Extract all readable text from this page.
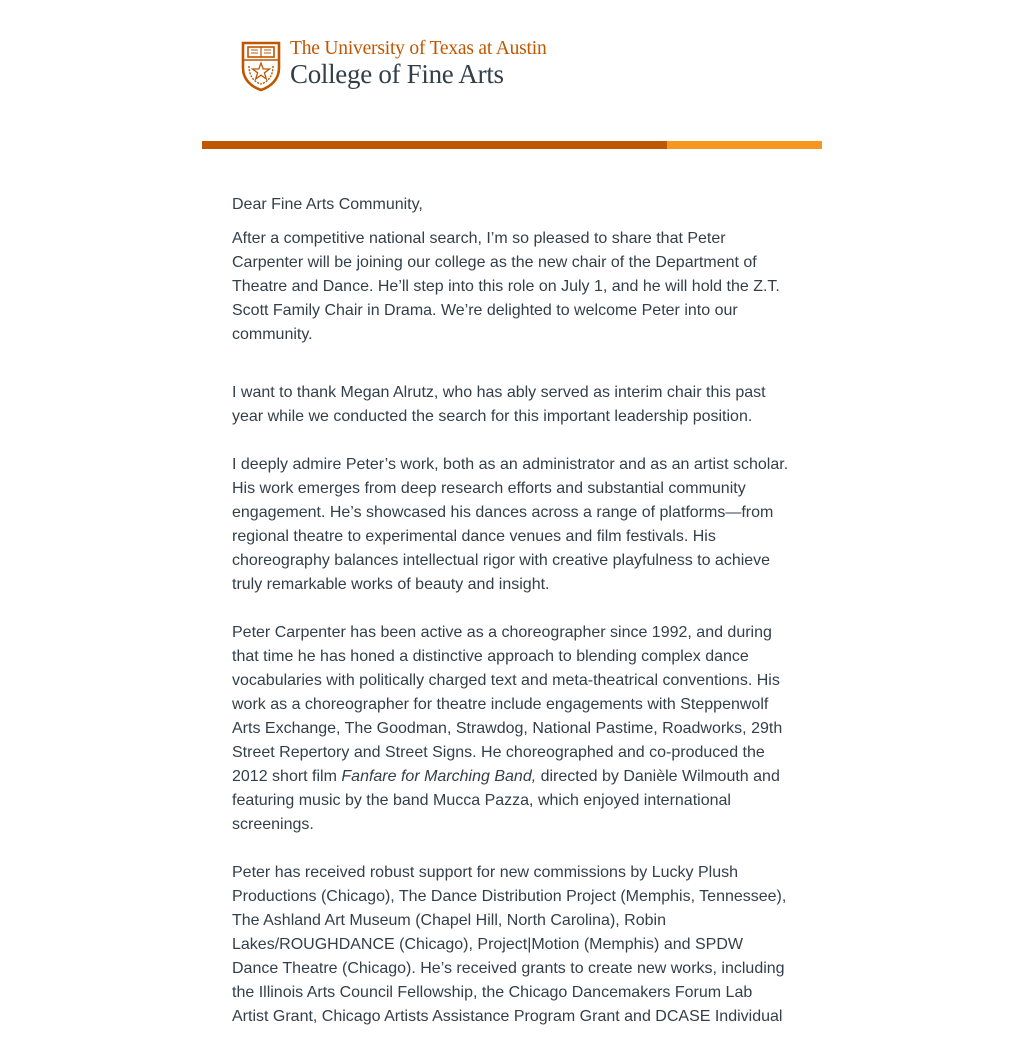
The University of Texas at Austin
College of Fine Arts

Dear Fine Arts Community,

After a competitive national search, I’m so pleased to share that Peter Carpenter will be joining our college as the new chair of the Department of Theatre and Dance. He’ll step into this role on July 1, and he will hold the Z.T. Scott Family Chair in Drama. We’re delighted to welcome Peter into our community.

I want to thank Megan Alrutz, who has ably served as interim chair this past year while we conducted the search for this important leadership position.

I deeply admire Peter’s work, both as an administrator and as an artist scholar. His work emerges from deep research efforts and substantial community engagement. He’s showcased his dances across a range of platforms—from regional theatre to experimental dance venues and film festivals. His choreography balances intellectual rigor with creative playfulness to achieve truly remarkable works of beauty and insight.

Peter Carpenter has been active as a choreographer since 1992, and during that time he has honed a distinctive approach to blending complex dance vocabularies with politically charged text and meta-theatrical conventions. His work as a choreographer for theatre include engagements with Steppenwolf Arts Exchange, The Goodman, Strawdog, National Pastime, Roadworks, 29th Street Repertory and Street Signs. He choreographed and co-produced the 2012 short film Fanfare for Marching Band, directed by Danièle Wilmouth and featuring music by the band Mucca Pazza, which enjoyed international screenings.

Peter has received robust support for new commissions by Lucky Plush Productions (Chicago), The Dance Distribution Project (Memphis, Tennessee), The Ashland Art Museum (Chapel Hill, North Carolina), Robin Lakes/ROUGHDANCE (Chicago), Project|Motion (Memphis) and SPDW Dance Theatre (Chicago). He’s received grants to create new works, including the Illinois Arts Council Fellowship, the Chicago Dancemakers Forum Lab Artist Grant, Chicago Artists Assistance Program Grant and DCASE Individual
